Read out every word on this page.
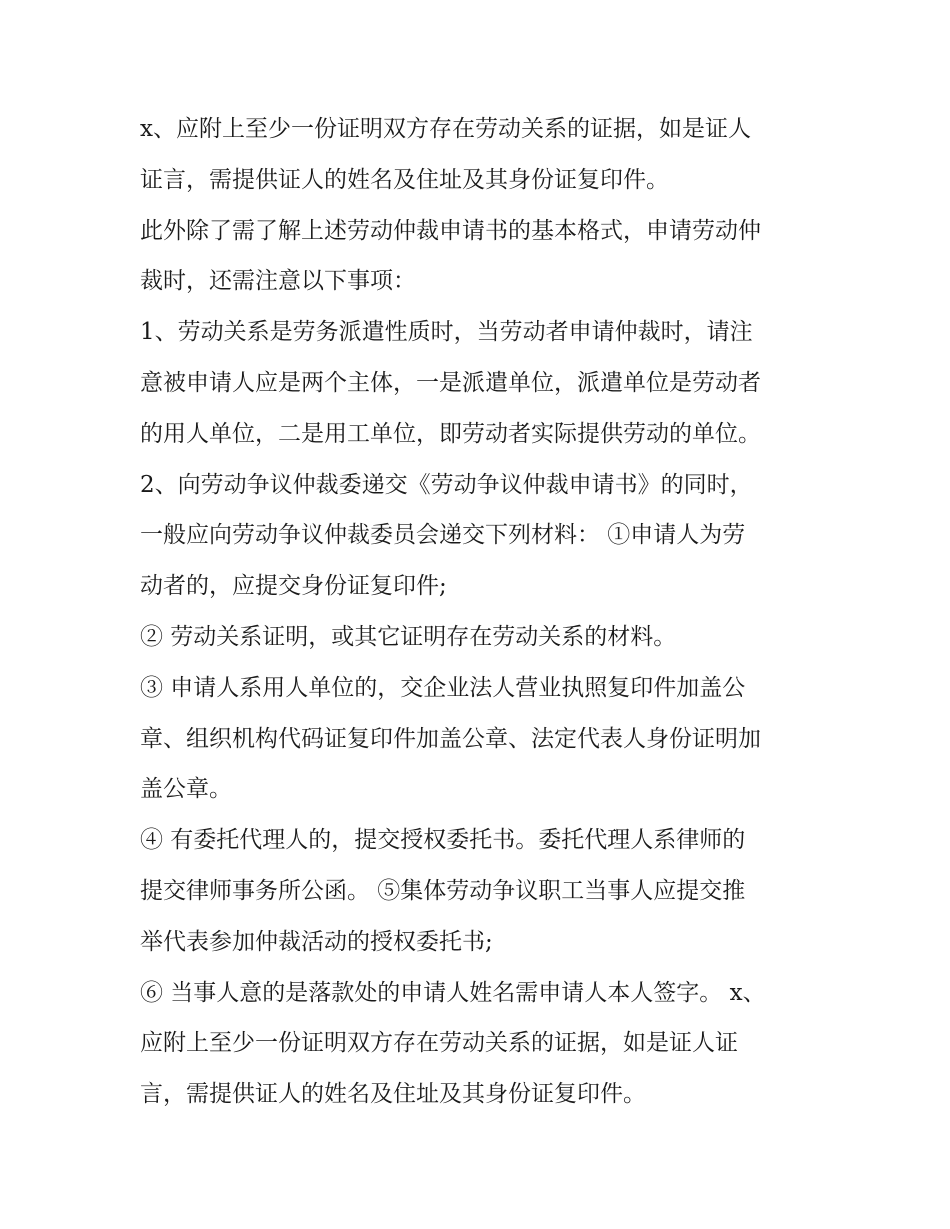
x、应附上至少一份证明双方存在劳动关系的证据，如是证人
证言，需提供证人的姓名及住址及其身份证复印件。
此外除了需了解上述劳动仲裁申请书的基本格式，申请劳动仲
裁时，还需注意以下事项：
1、劳动关系是劳务派遣性质时，当劳动者申请仲裁时，请注
意被申请人应是两个主体，一是派遣单位，派遣单位是劳动者
的用人单位，二是用工单位，即劳动者实际提供劳动的单位。
2、向劳动争议仲裁委递交《劳动争议仲裁申请书》的同时，
一般应向劳动争议仲裁委员会递交下列材料： ①申请人为劳
动者的，应提交身份证复印件;
② 劳动关系证明，或其它证明存在劳动关系的材料。
③ 申请人系用人单位的，交企业法人营业执照复印件加盖公
章、组织机构代码证复印件加盖公章、法定代表人身份证明加
盖公章。
④ 有委托代理人的，提交授权委托书。委托代理人系律师的
提交律师事务所公函。 ⑤集体劳动争议职工当事人应提交推
举代表参加仲裁活动的授权委托书;
⑥ 当事人意的是落款处的申请人姓名需申请人本人签字。 x、
应附上至少一份证明双方存在劳动关系的证据，如是证人证
言，需提供证人的姓名及住址及其身份证复印件。
